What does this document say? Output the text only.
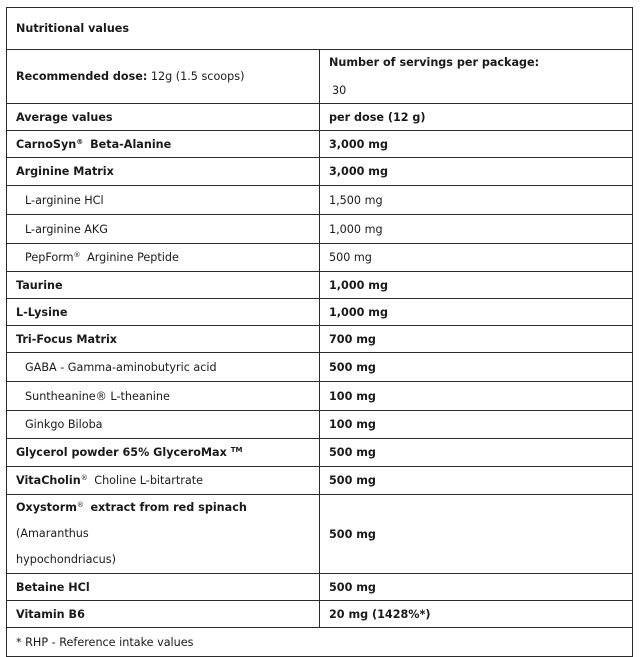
Nutritional values	
Recommended dose: 12g (1.5 scoops)	Number of servings per package:
30

Average values	per dose (12 g)
CarnoSyn® Beta-Alanine	3,000 mg
Arginine Matrix	3,000 mg
L-arginine HCl	1,500 mg
L-arginine AKG	1,000 mg
PepForm® Arginine Peptide	500 mg
Taurine	1,000 mg
L-Lysine	1,000 mg
Tri-Focus Matrix	700 mg
GABA - Gamma-aminobutyric acid	500 mg
Suntheanine® L-theanine	100 mg
Ginkgo Biloba	100 mg
Glycerol powder 65% GlyceroMax ™	500 mg
VitaCholin® Choline L-bitartrate	500 mg
Oxystorm® extract from red spinach (Amaranthus
hypochondriacus)	500 mg
Betaine HCl	500 mg
Vitamin B6	20 mg (1428%*)
* RHP - Reference intake values	
